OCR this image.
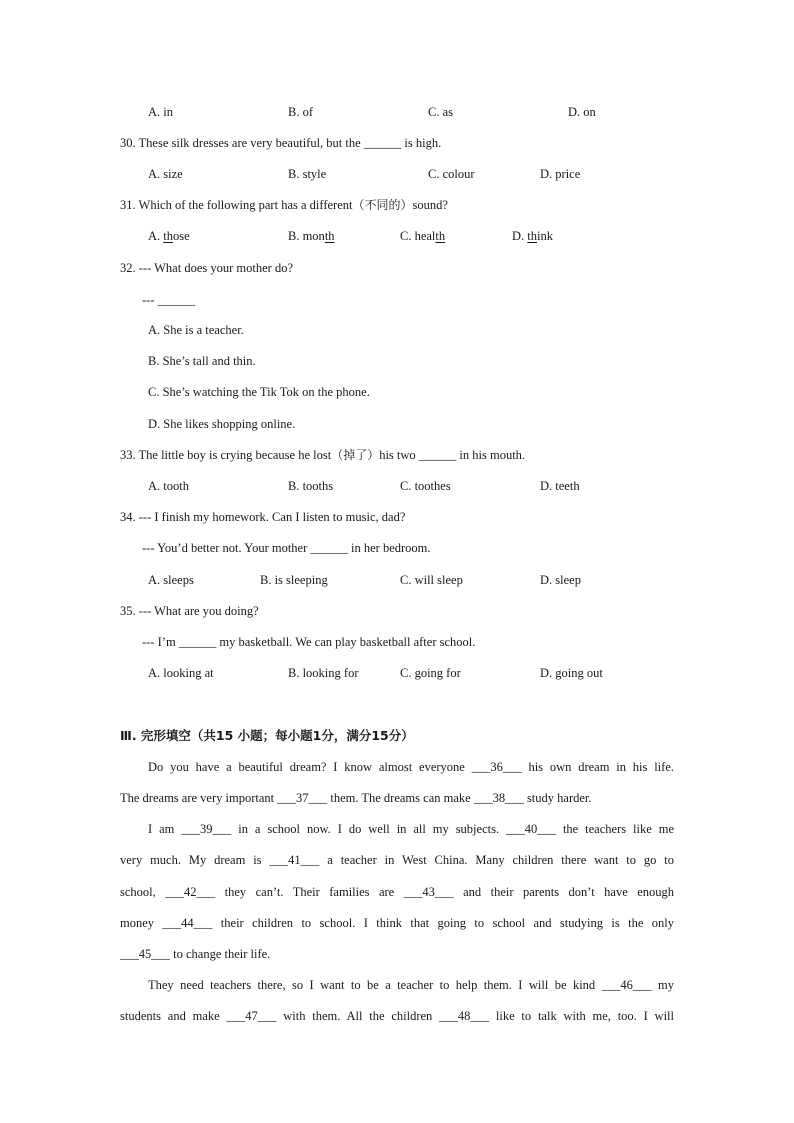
A. in	B. of	C. as	D. on
30. These silk dresses are very beautiful, but the ______ is high.
A. size	B. style	C. colour	D. price
31. Which of the following part has a different（不同的）sound?
A. those	B. month	C. health	D. think
32. --- What does your mother do?
--- ______
A. She is a teacher.
B. She’s tall and thin.
C. She’s watching the Tik Tok on the phone.
D. She likes shopping online.
33. The little boy is crying because he lost（掉了）his two ______ in his mouth.
A. tooth	B. tooths	C. toothes	D. teeth
34. --- I finish my homework. Can I listen to music, dad?
--- You’d better not. Your mother ______ in her bedroom.
A. sleeps	B. is sleeping	C. will sleep	D. sleep
35. --- What are you doing?
--- I’m ______ my basketball. We can play basketball after school.
A. looking at	B. looking for	C. going for	D. going out
Ⅲ. 完形填空（共15 小题；每小题1分，满分15分）
Do you have a beautiful dream? I know almost everyone ___36___ his own dream in his life.
The dreams are very important ___37___ them. The dreams can make ___38___ study harder.
I am ___39___ in a school now. I do well in all my subjects. ___40___ the teachers like me
very much. My dream is ___41___ a teacher in West China. Many children there want to go to
school, ___42___ they can’t. Their families are ___43___ and their parents don’t have enough
money ___44___ their children to school. I think that going to school and studying is the only
___45___ to change their life.
They need teachers there, so I want to be a teacher to help them. I will be kind ___46___ my
students and make ___47___ with them. All the children ___48___ like to talk with me, too. I will
